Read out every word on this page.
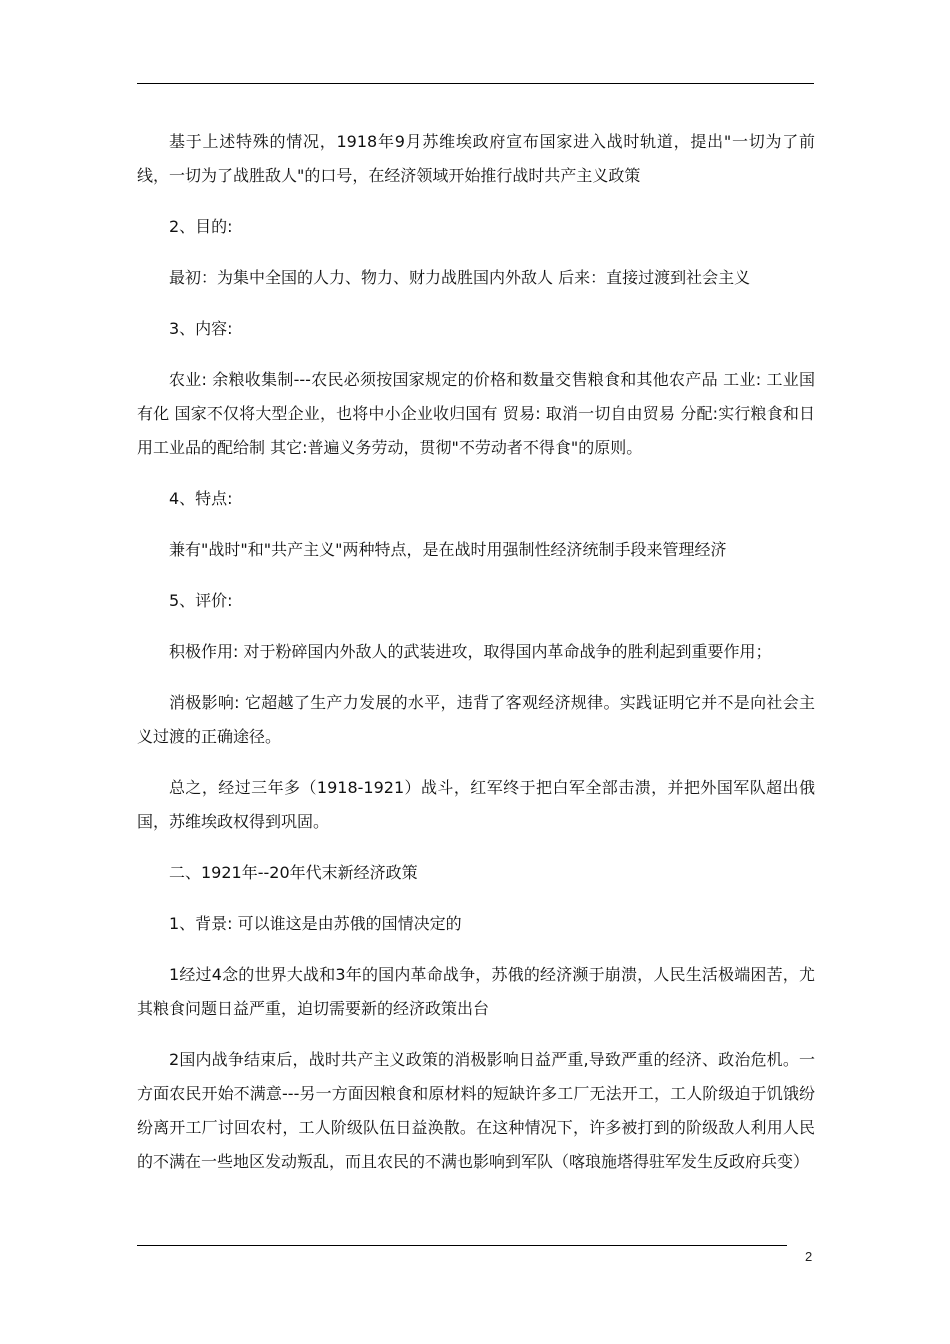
基于上述特殊的情况，1918年9月苏维埃政府宣布国家进入战时轨道，提出"一切为了前线，一切为了战胜敌人"的口号，在经济领域开始推行战时共产主义政策

2、目的:

最初：为集中全国的人力、物力、财力战胜国内外敌人 后来：直接过渡到社会主义

3、内容:

农业: 余粮收集制---农民必须按国家规定的价格和数量交售粮食和其他农产品 工业: 工业国有化 国家不仅将大型企业，也将中小企业收归国有 贸易: 取消一切自由贸易 分配:实行粮食和日用工业品的配给制 其它:普遍义务劳动，贯彻"不劳动者不得食"的原则。

4、特点:

兼有"战时"和"共产主义"两种特点，是在战时用强制性经济统制手段来管理经济

5、评价:

积极作用: 对于粉碎国内外敌人的武装进攻，取得国内革命战争的胜利起到重要作用；

消极影响: 它超越了生产力发展的水平，违背了客观经济规律。实践证明它并不是向社会主义过渡的正确途径。

总之，经过三年多（1918-1921）战斗，红军终于把白军全部击溃，并把外国军队超出俄国，苏维埃政权得到巩固。

二、1921年--20年代末新经济政策

1、背景: 可以谁这是由苏俄的国情决定的

1经过4念的世界大战和3年的国内革命战争，苏俄的经济濒于崩溃，人民生活极端困苦，尤其粮食问题日益严重，迫切需要新的经济政策出台

2国内战争结束后，战时共产主义政策的消极影响日益严重,导致严重的经济、政治危机。一方面农民开始不满意---另一方面因粮食和原材料的短缺许多工厂无法开工，工人阶级迫于饥饿纷纷离开工厂讨回农村，工人阶级队伍日益涣散。在这种情况下，许多被打到的阶级敌人利用人民的不满在一些地区发动叛乱，而且农民的不满也影响到军队（喀琅施塔得驻军发生反政府兵变）

2
